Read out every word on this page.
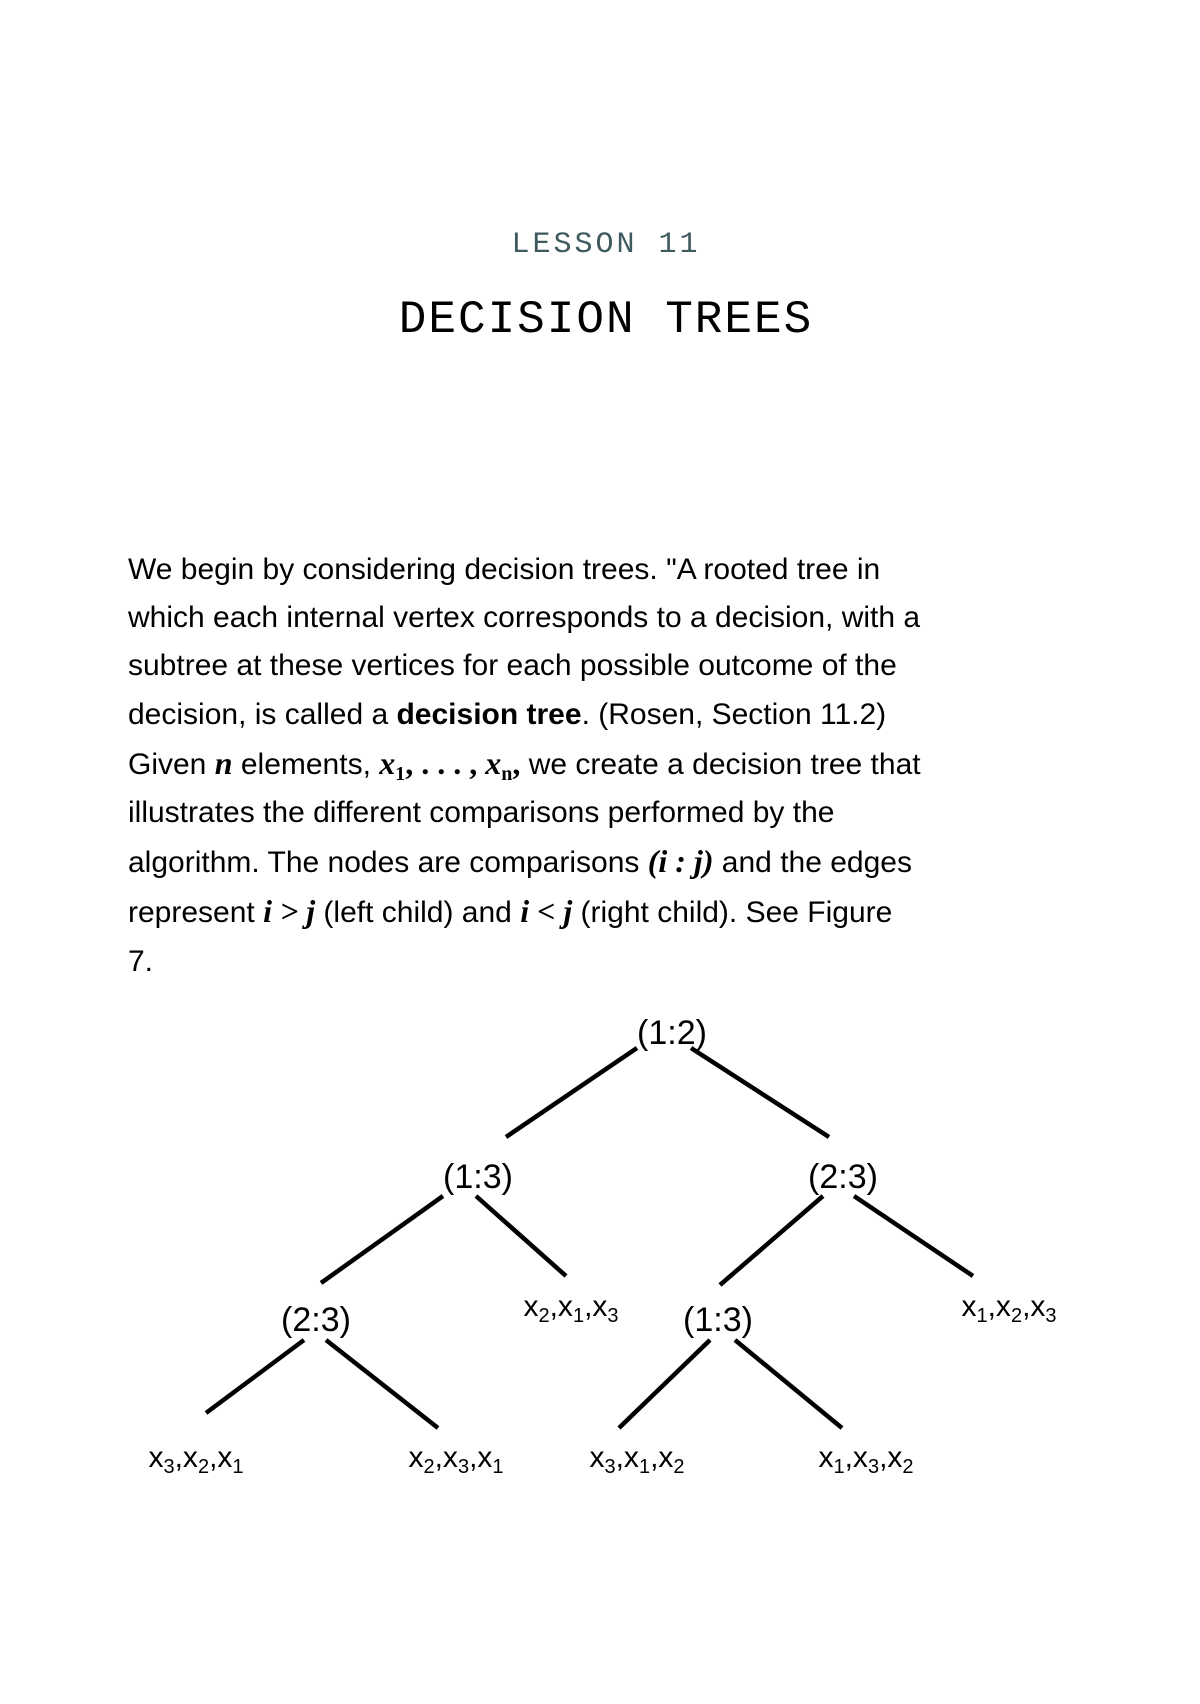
LESSON 11
DECISION TREES
We begin by considering decision trees. "A rooted tree in
which each internal vertex corresponds to a decision, with a
subtree at these vertices for each possible outcome of the
decision, is called a decision tree. (Rosen, Section 11.2)
Given n elements, x1, . . . , xn, we create a decision tree that
illustrates the different comparisons performed by the
algorithm. The nodes are comparisons (i : j) and the edges
represent i > j (left child) and i < j (right child). See Figure
7.
(1:2)
(1:3)	(2:3)
(2:3)	(1:3)
$x_3,x_2,x_1$	$x_2,x_3,x_1$
$x_2,x_1,x_3$
$x_3,x_1,x_2$	$x_1,x_3,x_2$
$x_1,x_2,x_3$
